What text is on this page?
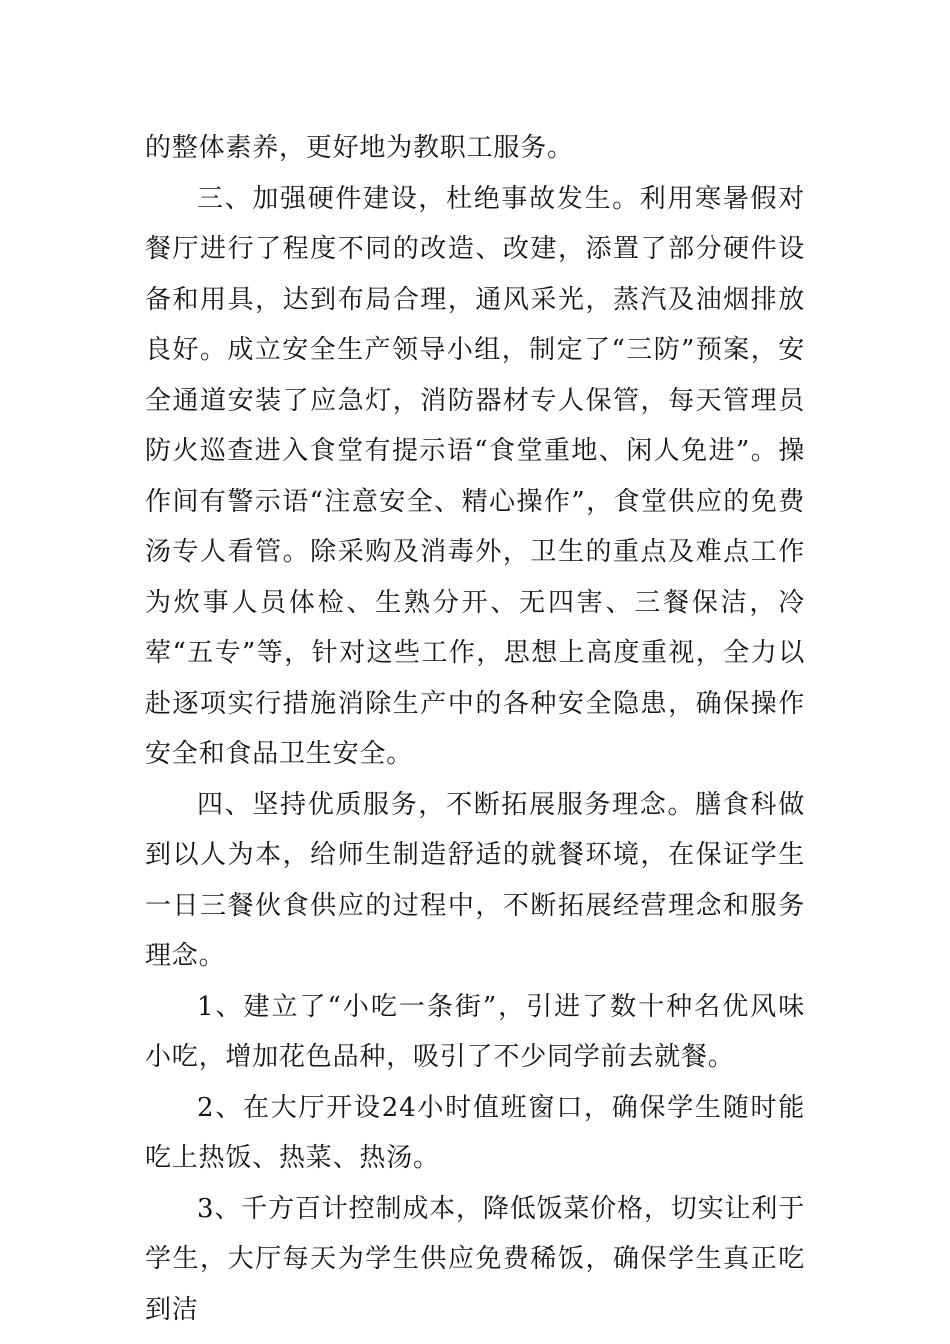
的整体素养，更好地为教职工服务。

三、加强硬件建设，杜绝事故发生。利用寒暑假对餐厅进行了程度不同的改造、改建，添置了部分硬件设备和用具，达到布局合理，通风采光，蒸汽及油烟排放良好。成立安全生产领导小组，制定了“三防”预案，安全通道安装了应急灯，消防器材专人保管，每天管理员防火巡查进入食堂有提示语“食堂重地、闲人免进”。操作间有警示语“注意安全、精心操作”，食堂供应的免费汤专人看管。除采购及消毒外，卫生的重点及难点工作为炊事人员体检、生熟分开、无四害、三餐保洁，冷荤“五专”等，针对这些工作，思想上高度重视，全力以赴逐项实行措施消除生产中的各种安全隐患，确保操作安全和食品卫生安全。

四、坚持优质服务，不断拓展服务理念。膳食科做到以人为本，给师生制造舒适的就餐环境，在保证学生一日三餐伙食供应的过程中，不断拓展经营理念和服务理念。

1、建立了“小吃一条街”，引进了数十种名优风味小吃，增加花色品种，吸引了不少同学前去就餐。

2、在大厅开设24小时值班窗口，确保学生随时能吃上热饭、热菜、热汤。

3、千方百计控制成本，降低饭菜价格，切实让利于学生，大厅每天为学生供应免费稀饭，确保学生真正吃到洁
